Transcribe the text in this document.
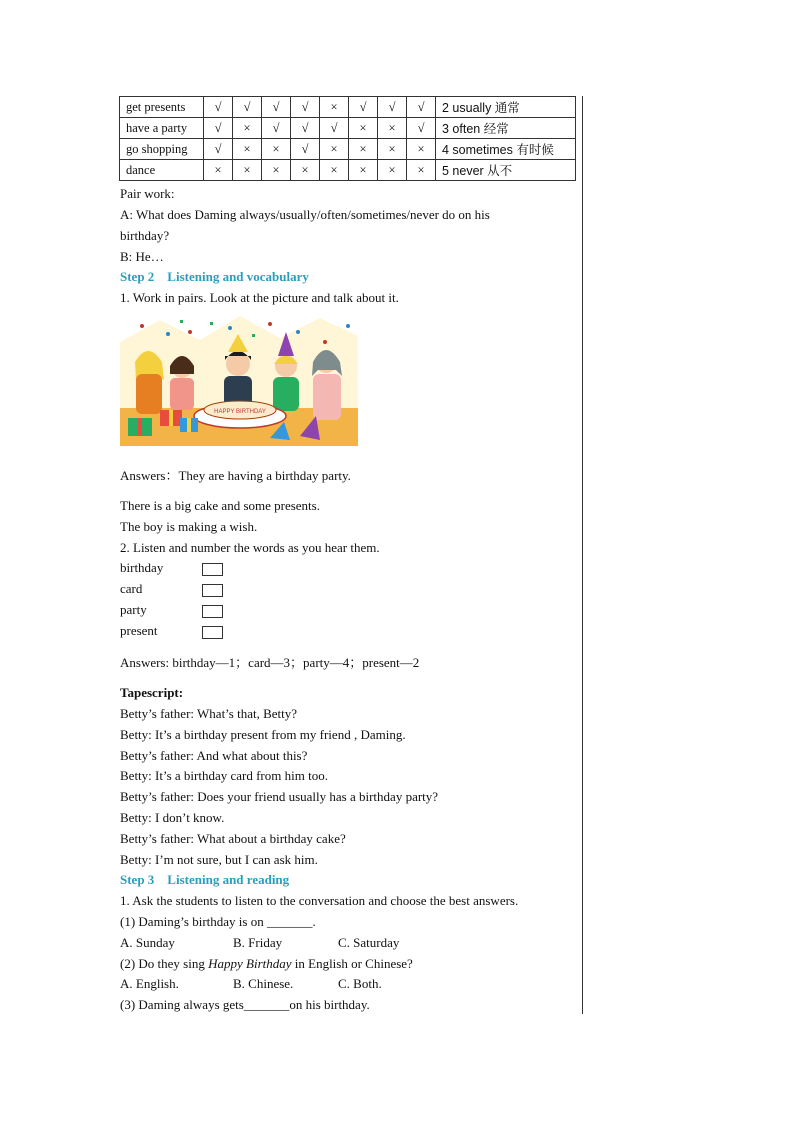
get presents	√	√	√	√	×	√	√	√	2 usually 通常
have a party	√	×	√	√	√	×	×	√	3 often 经常
go shopping	√	×	×	√	×	×	×	×	4 sometimes 有时候
dance	×	×	×	×	×	×	×	×	5 never 从不
Pair work:
A: What does Daming always/usually/often/sometimes/never do on his
birthday?
B: He…
Step 2    Listening and vocabulary
1. Work in pairs. Look at the picture and talk about it.
HAPPY BIRTHDAY
Answers：They are having a birthday party.
There is a big cake and some presents.
The boy is making a wish.
2. Listen and number the words as you hear them.
birthday
card
party
present
Answers: birthday—1；card—3；party—4；present—2
Tapescript:
Betty’s father: What’s that, Betty?
Betty: It’s a birthday present from my friend , Daming.
Betty’s father: And what about this?
Betty: It’s a birthday card from him too.
Betty’s father: Does your friend usually has a birthday party?
Betty: I don’t know.
Betty’s father: What about a birthday cake?
Betty: I’m not sure, but I can ask him.
Step 3    Listening and reading
1. Ask the students to listen to the conversation and choose the best answers.
(1) Daming’s birthday is on _______.
A. Sunday	B. Friday	C. Saturday
(2) Do they sing Happy Birthday in English or Chinese?
A. English.	B. Chinese.	C. Both.
(3) Daming always gets_______on his birthday.
